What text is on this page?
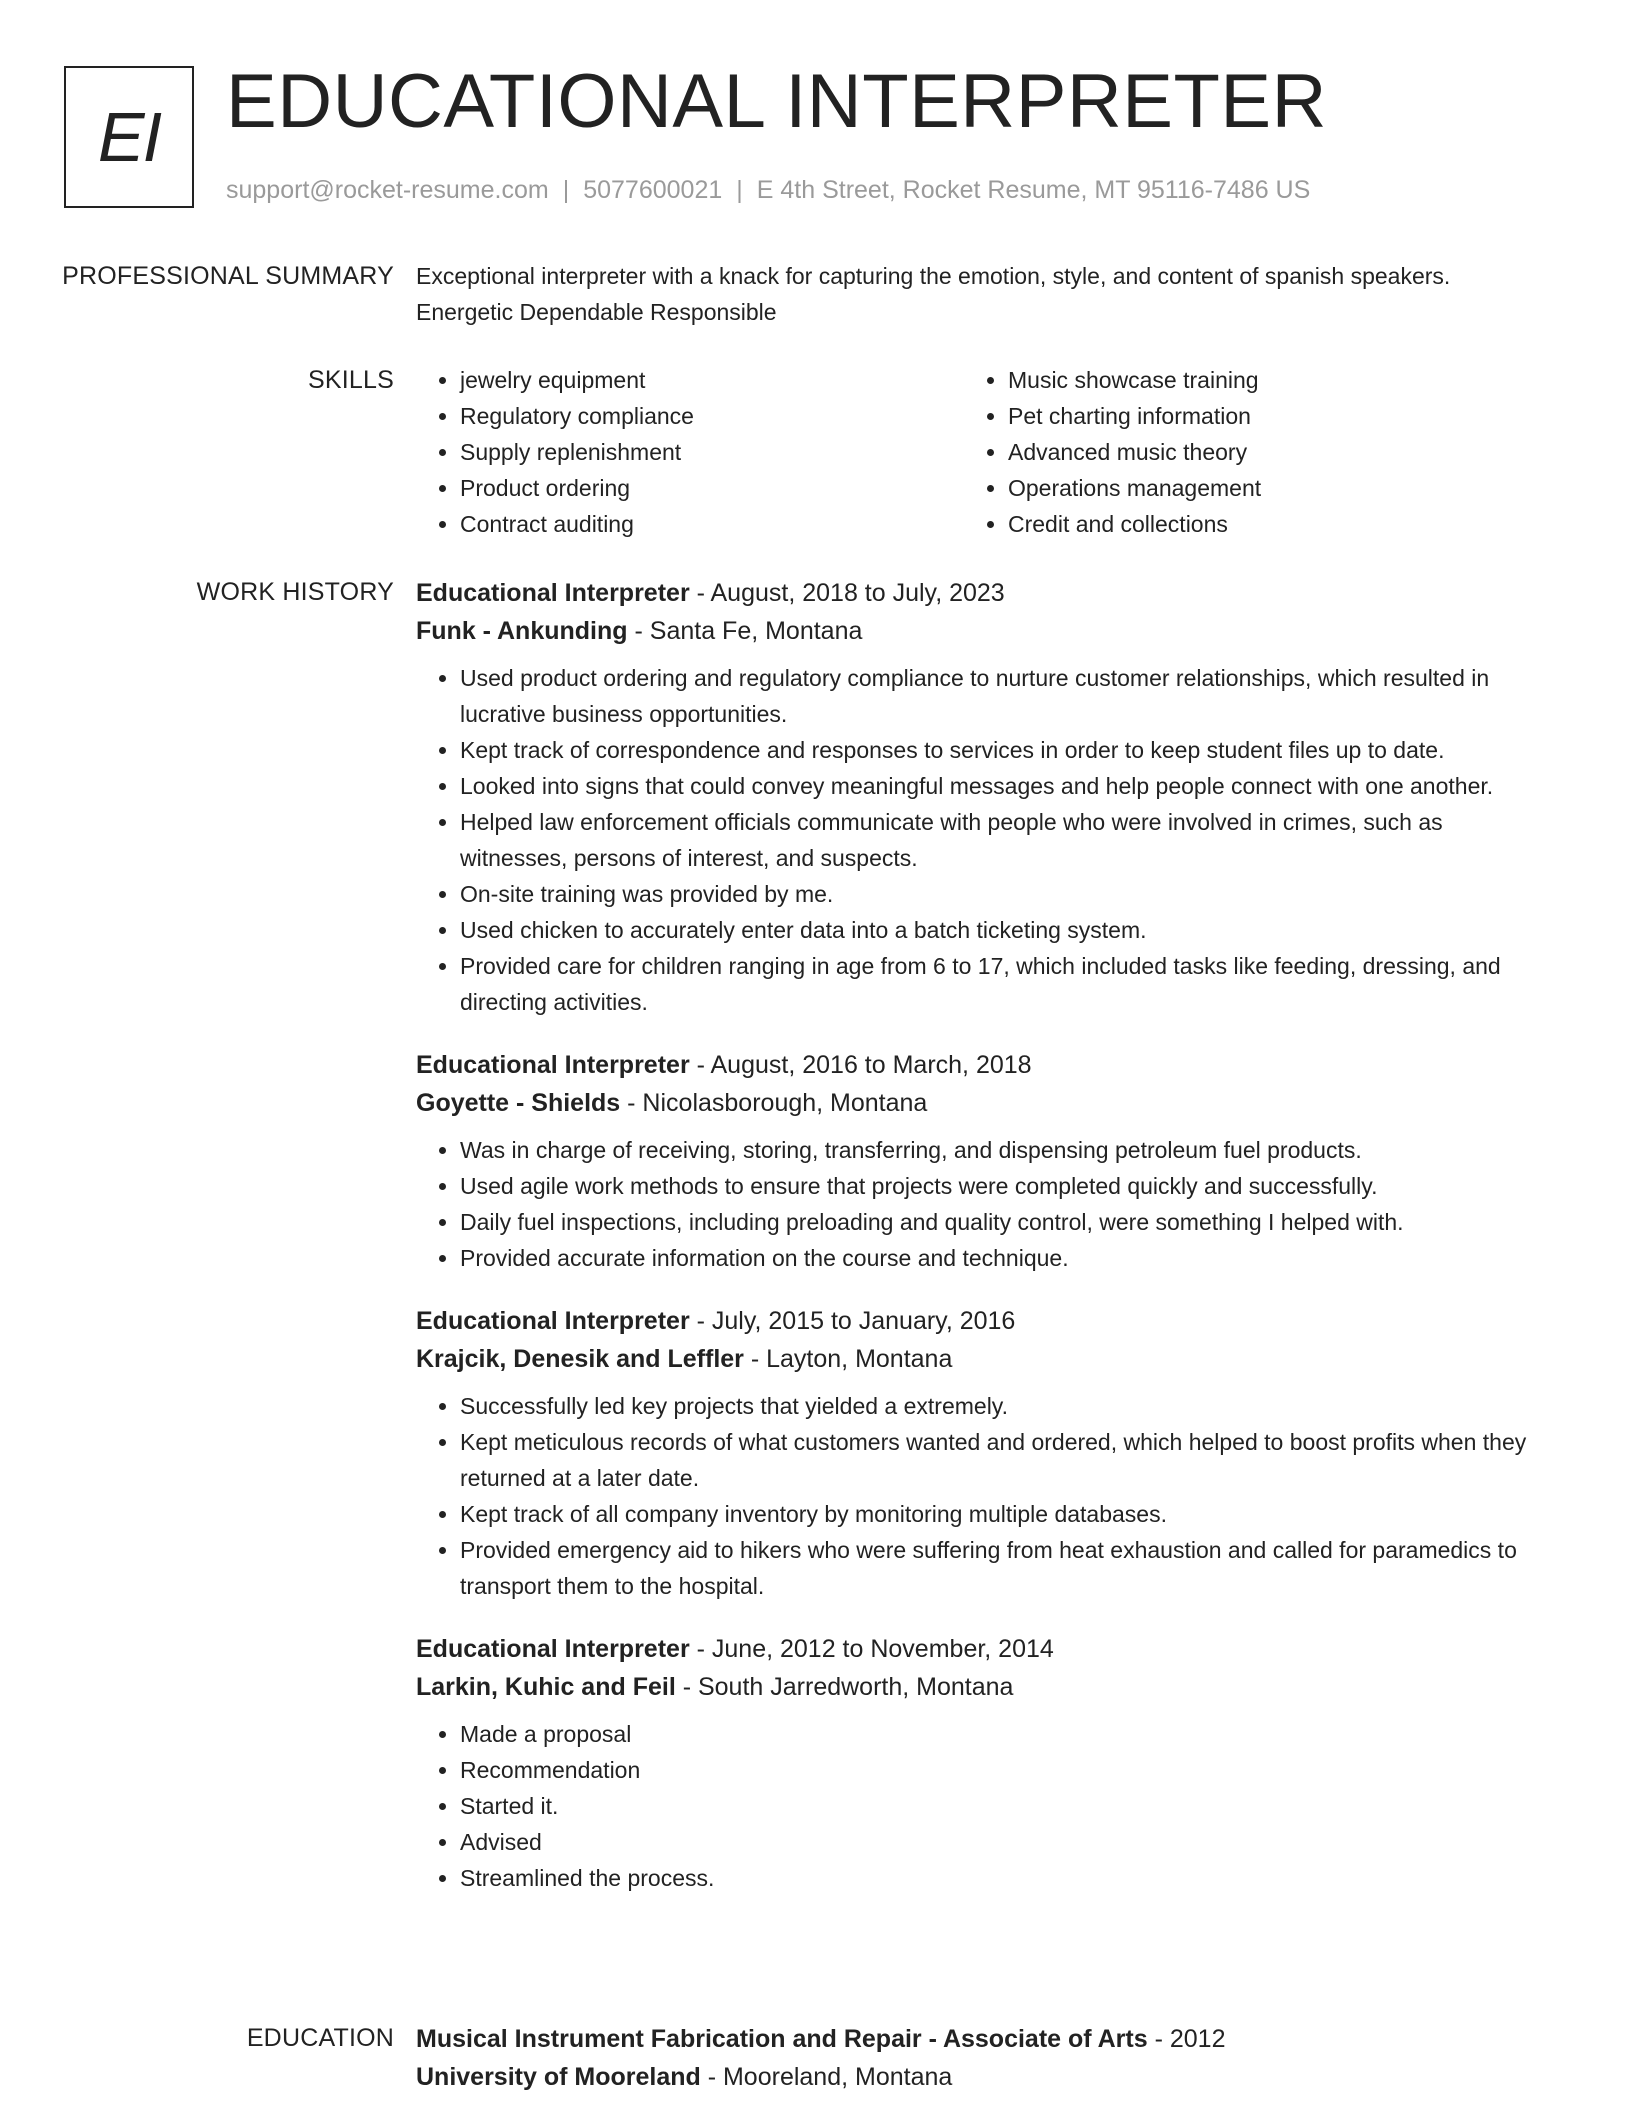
EI EDUCATIONAL INTERPRETER
support@rocket-resume.com | 5077600021 | E 4th Street, Rocket Resume, MT 95116-7486 US
PROFESSIONAL SUMMARY Exceptional interpreter with a knack for capturing the emotion, style, and content of spanish speakers. Energetic Dependable Responsible
SKILLS
•	jewelry equipment
• Regulatory compliance
• Supply replenishment
• Product ordering
• Contract auditing
• Music showcase training
• Pet charting information
• Advanced music theory
• Operations management
• Credit and collections
WORK HISTORY Educational Interpreter - August, 2018 to July, 2023
Funk - Ankunding - Santa Fe, Montana
• Used product ordering and regulatory compliance to nurture customer relationships, which resulted in lucrative business opportunities.
• Kept track of correspondence and responses to services in order to keep student files up to date.
• Looked into signs that could convey meaningful messages and help people connect with one another.
• Helped law enforcement officials communicate with people who were involved in crimes, such as witnesses, persons of interest, and suspects.
• On-site training was provided by me.
• Used chicken to accurately enter data into a batch ticketing system.
• Provided care for children ranging in age from 6 to 17, which included tasks like feeding, dressing, and directing activities.
Educational Interpreter - August, 2016 to March, 2018
Goyette - Shields - Nicolasborough, Montana
• Was in charge of receiving, storing, transferring, and dispensing petroleum fuel products.
• Used agile work methods to ensure that projects were completed quickly and successfully.
• Daily fuel inspections, including preloading and quality control, were something I helped with.
• Provided accurate information on the course and technique.
Educational Interpreter - July, 2015 to January, 2016
Krajcik, Denesik and Leffler - Layton, Montana
• Successfully led key projects that yielded a extremely.
• Kept meticulous records of what customers wanted and ordered, which helped to boost profits when they returned at a later date.
• Kept track of all company inventory by monitoring multiple databases.
• Provided emergency aid to hikers who were suffering from heat exhaustion and called for paramedics to transport them to the hospital.
Educational Interpreter - June, 2012 to November, 2014
Larkin, Kuhic and Feil - South Jarredworth, Montana
• Made a proposal
• Recommendation
• Started it.
• Advised
• Streamlined the process.
EDUCATION Musical Instrument Fabrication and Repair - Associate of Arts - 2012
University of Mooreland - Mooreland, Montana
